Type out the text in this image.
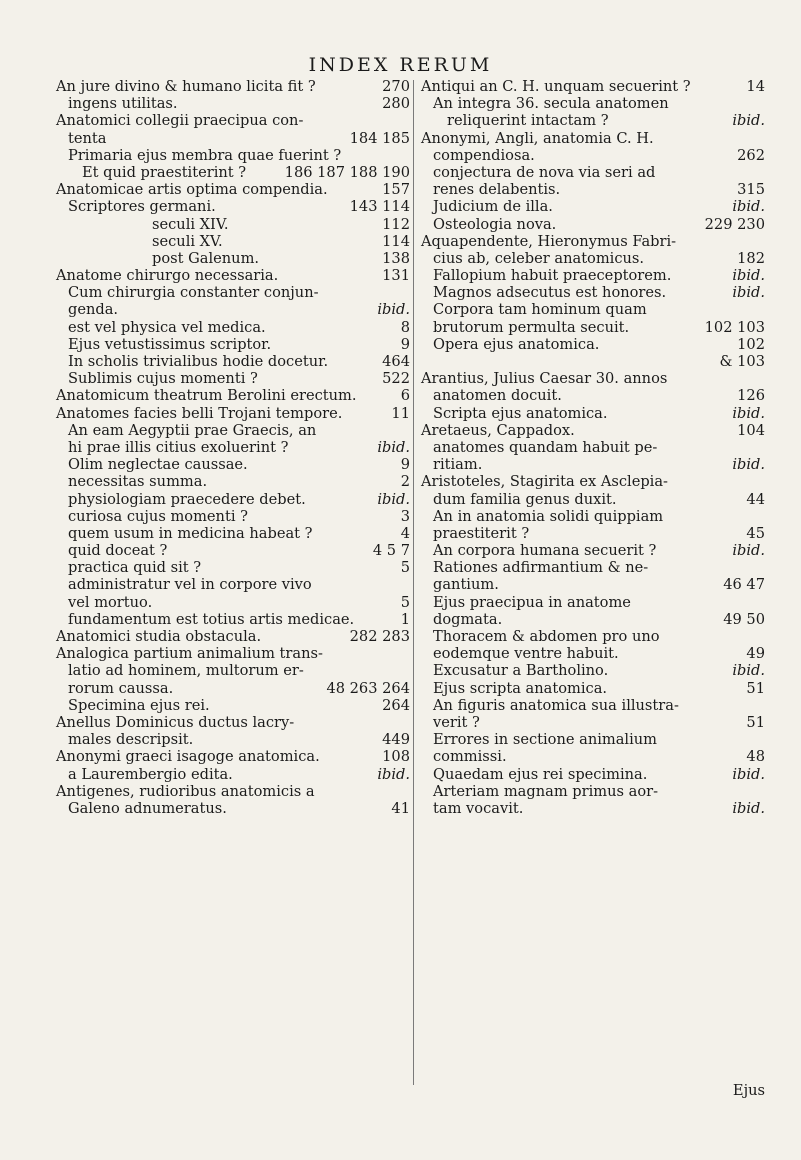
INDEX RERUM
An jure divino & humano licita fit ?	270
ingens utilitas.	280
Anatomici collegii praecipua con-
tenta	184 185
Primaria ejus membra quae fuerint ?
Et quid praestiterint ?	186 187 188 190
Anatomicae artis optima compendia.	157
Scriptores germani.	143 114
seculi XIV.	112
seculi XV.	114
post Galenum.	138
Anatome chirurgo necessaria.	131
Cum chirurgia constanter conjun-
genda.	ibid.
est vel physica vel medica.	8
Ejus vetustissimus scriptor.	9
In scholis trivialibus hodie docetur.	464
Sublimis cujus momenti ?	522
Anatomicum theatrum Berolini erectum.	6
Anatomes facies belli Trojani tempore.	11
An eam Aegyptii prae Graecis, an
hi prae illis citius exoluerint ?	ibid.
Olim neglectae caussae.	9
necessitas summa.	2
physiologiam praecedere debet.	ibid.
curiosa cujus momenti ?	3
quem usum in medicina habeat ?	4
quid doceat ?	4 5 7
practica quid sit ?	5
administratur vel in corpore vivo
vel mortuo.	5
fundamentum est totius artis medicae.	1
Anatomici studia obstacula.	282 283
Analogica partium animalium trans-
latio ad hominem, multorum er-
rorum caussa.	48 263 264
Specimina ejus rei.	264
Anellus Dominicus ductus lacry-
males descripsit.	449
Anonymi graeci isagoge anatomica.	108
a Laurembergio edita.	ibid.
Antigenes, rudioribus anatomicis a
Galeno adnumeratus.	41
Antiqui an C. H. unquam secuerint ?	14
An integra 36. secula anatomen
reliquerint intactam ?	ibid.
Anonymi, Angli, anatomia C. H.
compendiosa.	262
conjectura de nova via seri ad
renes delabentis.	315
Judicium de illa.	ibid.
Osteologia nova.	229 230
Aquapendente, Hieronymus Fabri-
cius ab, celeber anatomicus.	182
Fallopium habuit praeceptorem.	ibid.
Magnos adsecutus est honores.	ibid.
Corpora tam hominum quam
brutorum permulta secuit.	102 103
Opera ejus anatomica.	102
& 103
Arantius, Julius Caesar 30. annos
anatomen docuit.	126
Scripta ejus anatomica.	ibid.
Aretaeus, Cappadox.	104
anatomes quandam habuit pe-
ritiam.	ibid.
Aristoteles, Stagirita ex Asclepia-
dum familia genus duxit.	44
An in anatomia solidi quippiam
praestiterit ?	45
An corpora humana secuerit ?	ibid.
Rationes adfirmantium & ne-
gantium.	46 47
Ejus praecipua in anatome
dogmata.	49 50
Thoracem & abdomen pro uno
eodemque ventre habuit.	49
Excusatur a Bartholino.	ibid.
Ejus scripta anatomica.	51
An figuris anatomica sua illustra-
verit ?	51
Errores in sectione animalium
commissi.	48
Quaedam ejus rei specimina.	ibid.
Arteriam magnam primus aor-
tam vocavit.	ibid.
Ejus
